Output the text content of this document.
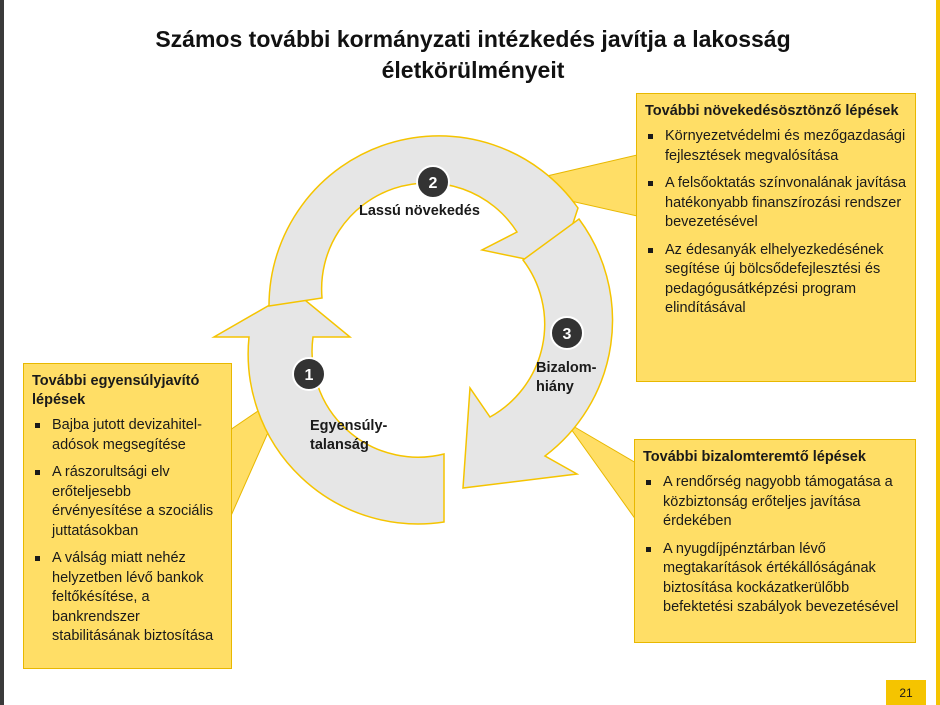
Számos további kormányzati intézkedés javítja a lakosság
életkörülményeit
1
2
3
Egyensúly-
talanság
Lassú növekedés
Bizalom-
hiány
További növekedésösztönző lépések
Környezetvédelmi és mezőgazdasági fejlesztések megvalósítása
A felsőoktatás színvonalának javítása hatékonyabb finanszírozási rendszer bevezetésével
Az édesanyák elhelyezkedésének segítése új bölcsődefejlesztési és pedagógusátképzési program elindításával
További egyensúlyjavító lépések
Bajba jutott devizahitel-adósok megsegítése
A rászorultsági elv erőteljesebb érvényesítése a szociális juttatásokban
A válság miatt nehéz helyzetben lévő bankok feltőkésítése, a bankrendszer stabilitásának biztosítása
További bizalomteremtő lépések
A rendőrség nagyobb támogatása a közbiztonság erőteljes javítása érdekében
A nyugdíjpénztárban lévő megtakarítások értékállóságának biztosítása kockázatkerülőbb befektetési szabályok bevezetésével
21
